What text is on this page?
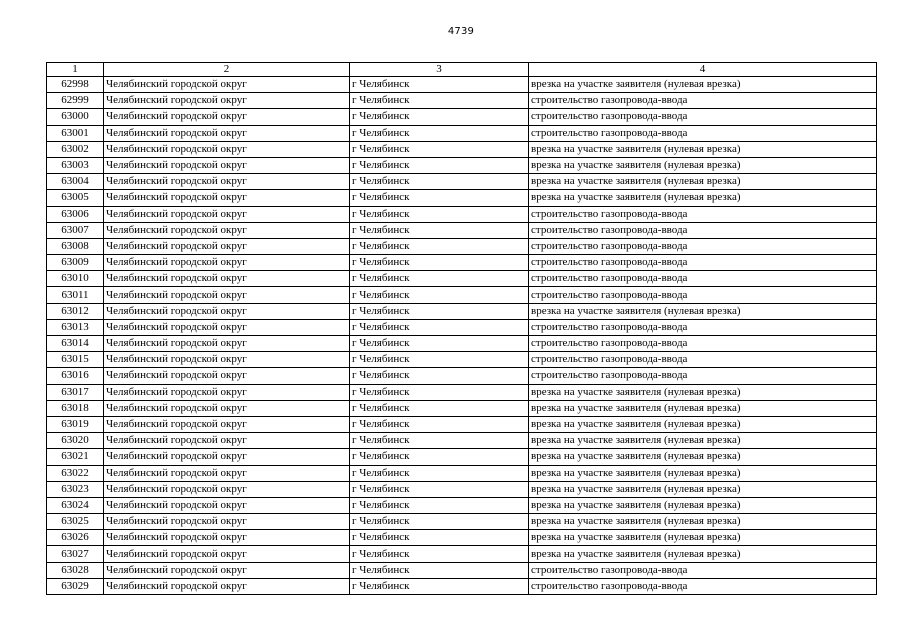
4739
1	2	3	4
62998	Челябинский городской округ	г Челябинск	врезка на участке заявителя (нулевая врезка)
62999	Челябинский городской округ	г Челябинск	строительство газопровода-ввода
63000	Челябинский городской округ	г Челябинск	строительство газопровода-ввода
63001	Челябинский городской округ	г Челябинск	строительство газопровода-ввода
63002	Челябинский городской округ	г Челябинск	врезка на участке заявителя (нулевая врезка)
63003	Челябинский городской округ	г Челябинск	врезка на участке заявителя (нулевая врезка)
63004	Челябинский городской округ	г Челябинск	врезка на участке заявителя (нулевая врезка)
63005	Челябинский городской округ	г Челябинск	врезка на участке заявителя (нулевая врезка)
63006	Челябинский городской округ	г Челябинск	строительство газопровода-ввода
63007	Челябинский городской округ	г Челябинск	строительство газопровода-ввода
63008	Челябинский городской округ	г Челябинск	строительство газопровода-ввода
63009	Челябинский городской округ	г Челябинск	строительство газопровода-ввода
63010	Челябинский городской округ	г Челябинск	строительство газопровода-ввода
63011	Челябинский городской округ	г Челябинск	строительство газопровода-ввода
63012	Челябинский городской округ	г Челябинск	врезка на участке заявителя (нулевая врезка)
63013	Челябинский городской округ	г Челябинск	строительство газопровода-ввода
63014	Челябинский городской округ	г Челябинск	строительство газопровода-ввода
63015	Челябинский городской округ	г Челябинск	строительство газопровода-ввода
63016	Челябинский городской округ	г Челябинск	строительство газопровода-ввода
63017	Челябинский городской округ	г Челябинск	врезка на участке заявителя (нулевая врезка)
63018	Челябинский городской округ	г Челябинск	врезка на участке заявителя (нулевая врезка)
63019	Челябинский городской округ	г Челябинск	врезка на участке заявителя (нулевая врезка)
63020	Челябинский городской округ	г Челябинск	врезка на участке заявителя (нулевая врезка)
63021	Челябинский городской округ	г Челябинск	врезка на участке заявителя (нулевая врезка)
63022	Челябинский городской округ	г Челябинск	врезка на участке заявителя (нулевая врезка)
63023	Челябинский городской округ	г Челябинск	врезка на участке заявителя (нулевая врезка)
63024	Челябинский городской округ	г Челябинск	врезка на участке заявителя (нулевая врезка)
63025	Челябинский городской округ	г Челябинск	врезка на участке заявителя (нулевая врезка)
63026	Челябинский городской округ	г Челябинск	врезка на участке заявителя (нулевая врезка)
63027	Челябинский городской округ	г Челябинск	врезка на участке заявителя (нулевая врезка)
63028	Челябинский городской округ	г Челябинск	строительство газопровода-ввода
63029	Челябинский городской округ	г Челябинск	строительство газопровода-ввода
